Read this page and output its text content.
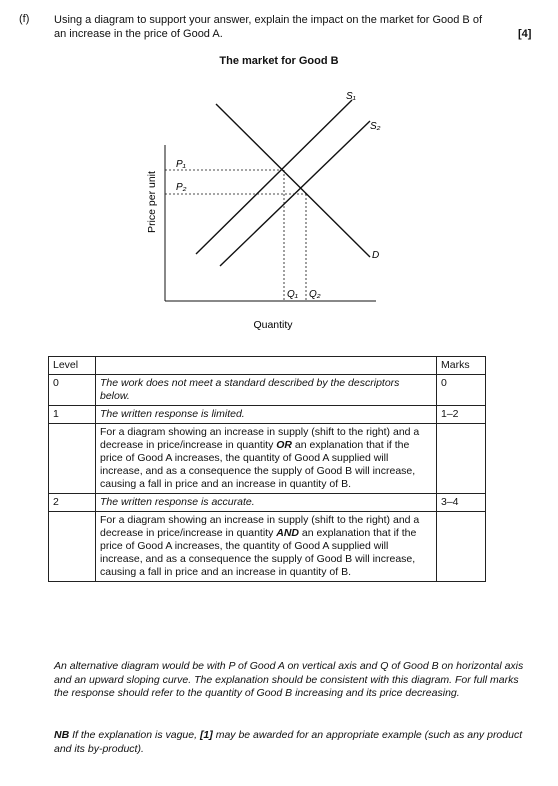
(f) Using a diagram to support your answer, explain the impact on the market for Good B of an increase in the price of Good A.	[4]
The market for Good B
S₁
S₂
D
P₁
P₂
Q₁ Q₂
Price per unit
Quantity
Level		Marks
0	The work does not meet a standard described by the descriptors below.	0
1	The written response is limited.	1–2
	For a diagram showing an increase in supply (shift to the right) and a decrease in price/increase in quantity OR an explanation that if the price of Good A increases, the quantity of Good A supplied will increase, and as a consequence the supply of Good B will increase, causing a fall in price and an increase in quantity of B.	
2	The written response is accurate.	3–4
	For a diagram showing an increase in supply (shift to the right) and a decrease in price/increase in quantity AND an explanation that if the price of Good A increases, the quantity of Good A supplied will increase, and as a consequence the supply of Good B will increase, causing a fall in price and an increase in quantity of B.	
An alternative diagram would be with P of Good A on vertical axis and Q of Good B on horizontal axis and an upward sloping curve. The explanation should be consistent with this diagram. For full marks the response should refer to the quantity of Good B increasing and its price decreasing.
NB If the explanation is vague, [1] may be awarded for an appropriate example (such as any product and its by-product).
